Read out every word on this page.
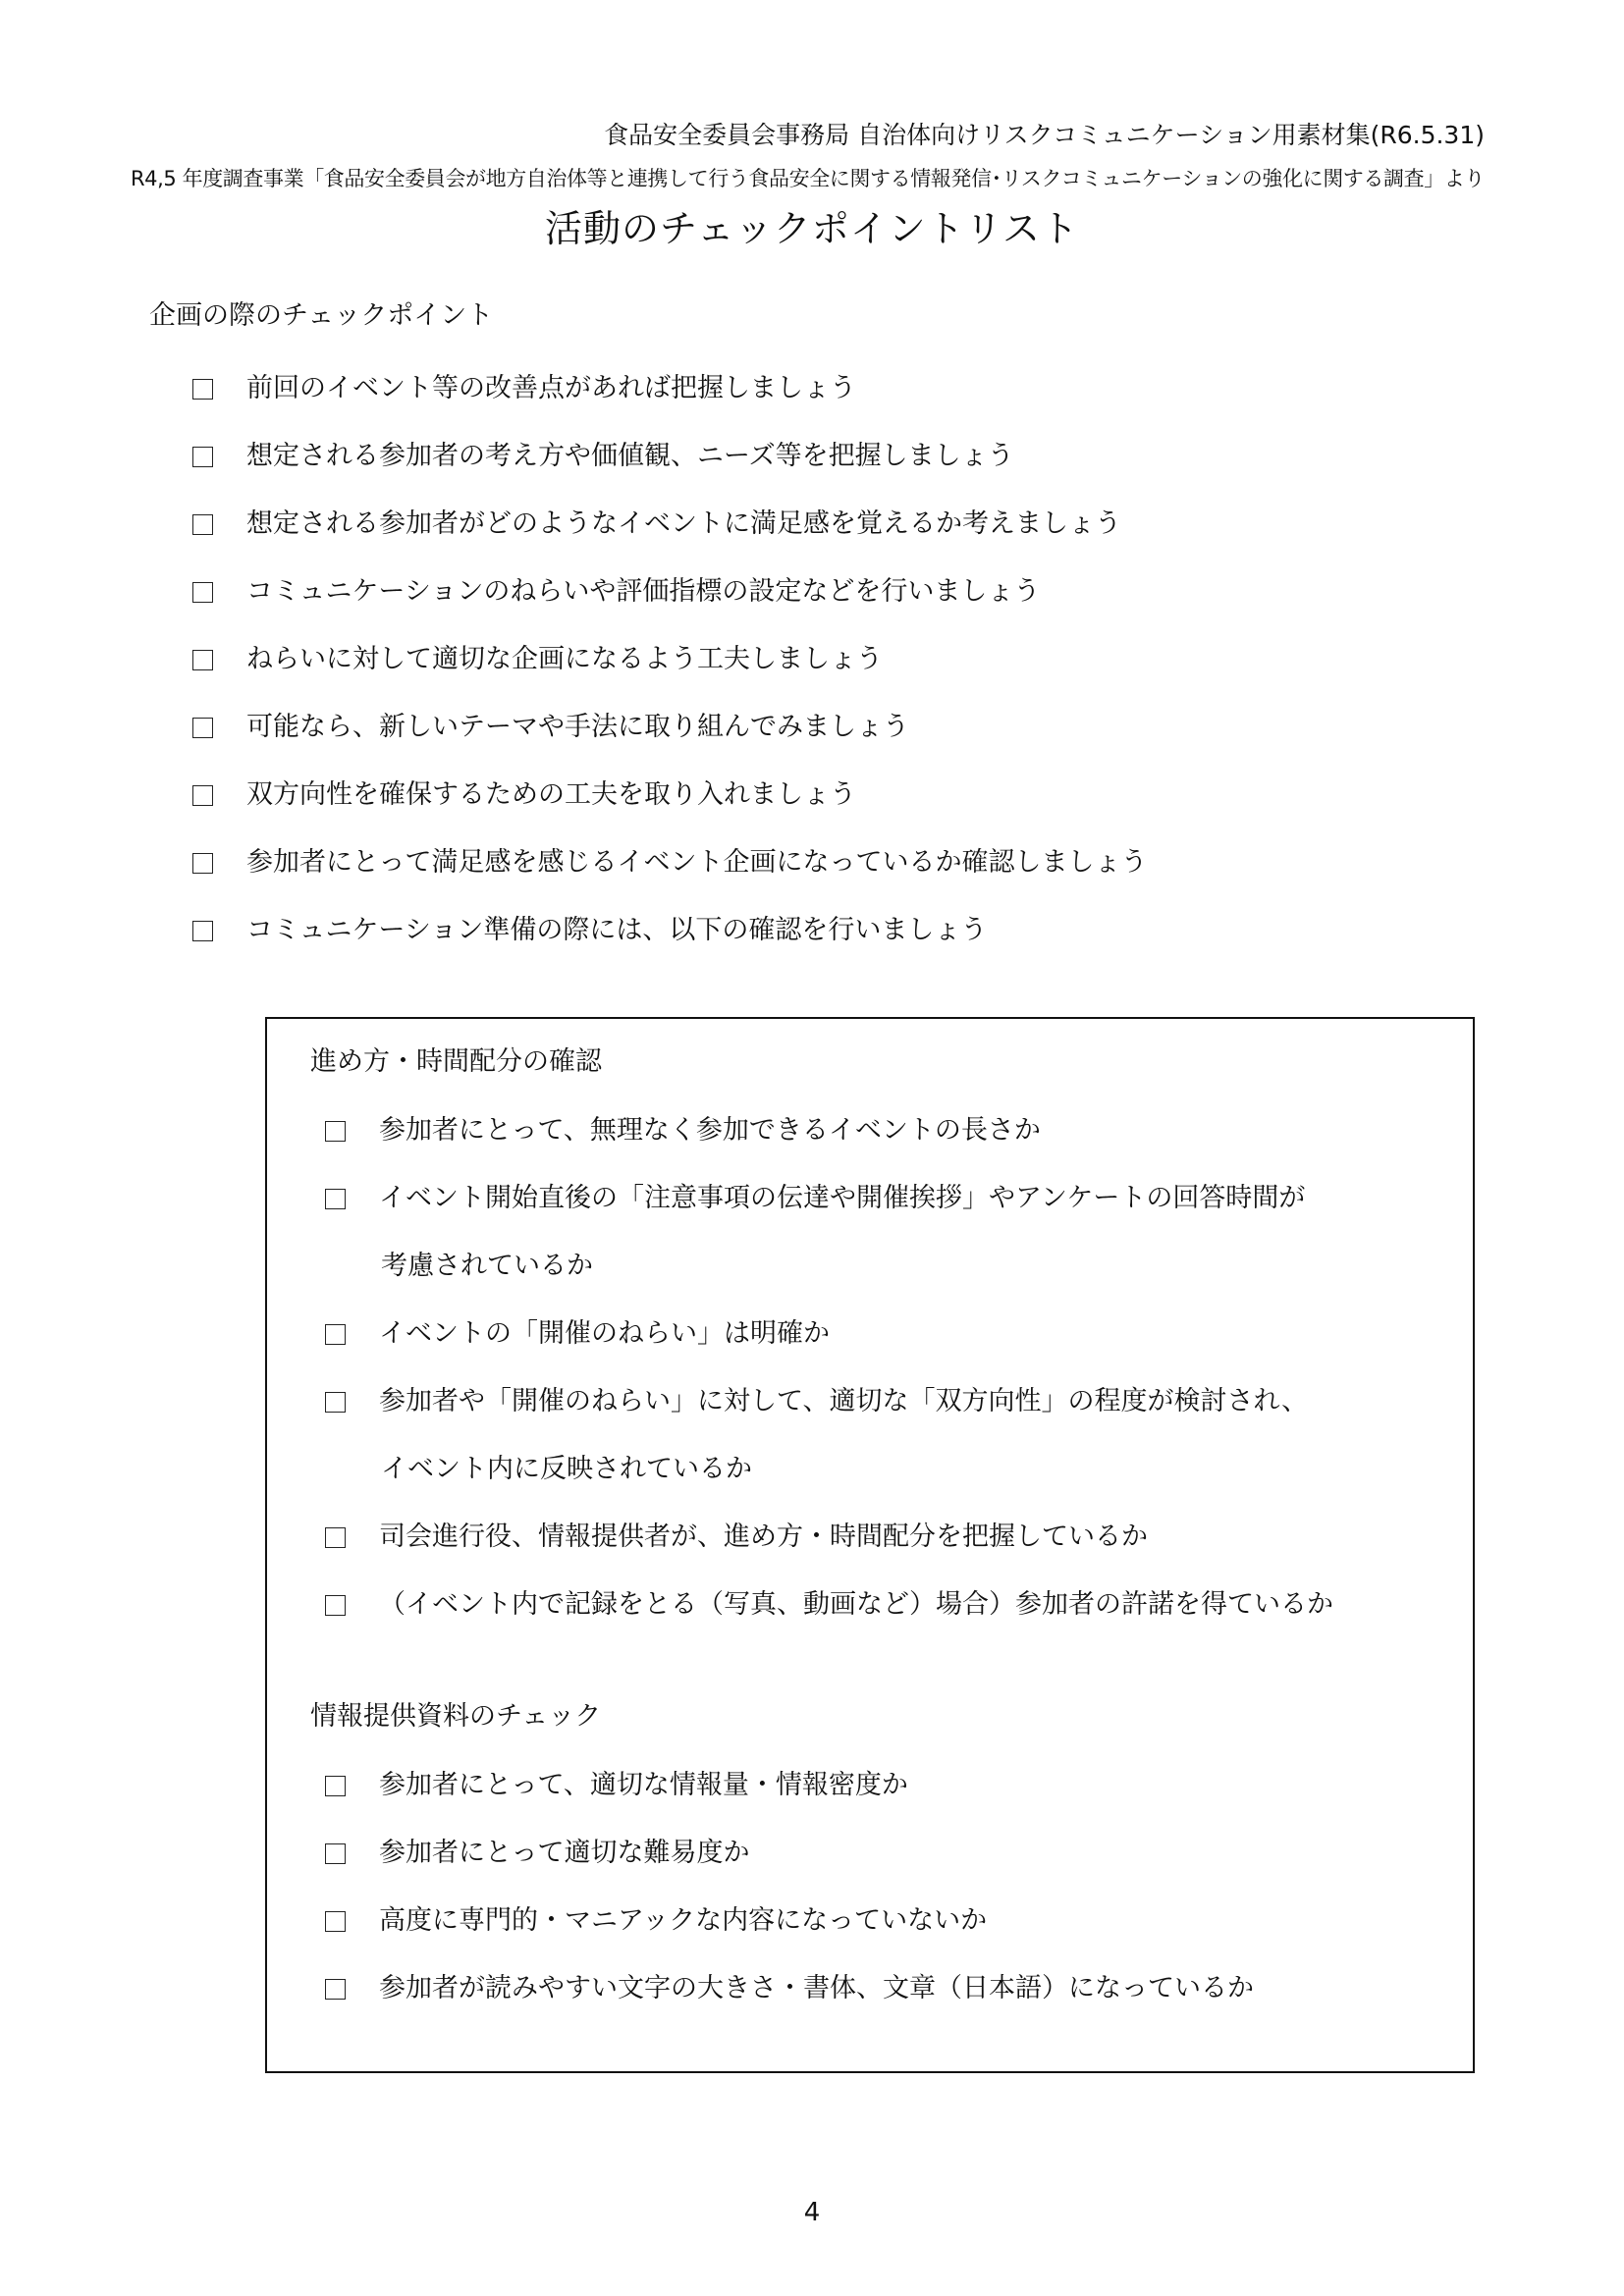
食品安全委員会事務局 自治体向けリスクコミュニケーション用素材集(R6.5.31)
R4,5 年度調査事業「食品安全委員会が地方自治体等と連携して行う食品安全に関する情報発信･リスクコミュニケーションの強化に関する調査」より
活動のチェックポイントリスト
企画の際のチェックポイント
前回のイベント等の改善点があれば把握しましょう
想定される参加者の考え方や価値観、ニーズ等を把握しましょう
想定される参加者がどのようなイベントに満足感を覚えるか考えましょう
コミュニケーションのねらいや評価指標の設定などを行いましょう
ねらいに対して適切な企画になるよう工夫しましょう
可能なら、新しいテーマや手法に取り組んでみましょう
双方向性を確保するための工夫を取り入れましょう
参加者にとって満足感を感じるイベント企画になっているか確認しましょう
コミュニケーション準備の際には、以下の確認を行いましょう
進め方・時間配分の確認
参加者にとって、無理なく参加できるイベントの長さか
イベント開始直後の「注意事項の伝達や開催挨拶」やアンケートの回答時間が
考慮されているか
イベントの「開催のねらい」は明確か
参加者や「開催のねらい」に対して、適切な「双方向性」の程度が検討され、
イベント内に反映されているか
司会進行役、情報提供者が、進め方・時間配分を把握しているか
（イベント内で記録をとる（写真、動画など）場合）参加者の許諾を得ているか
情報提供資料のチェック
参加者にとって、適切な情報量・情報密度か
参加者にとって適切な難易度か
高度に専門的・マニアックな内容になっていないか
参加者が読みやすい文字の大きさ・書体、文章（日本語）になっているか
4
